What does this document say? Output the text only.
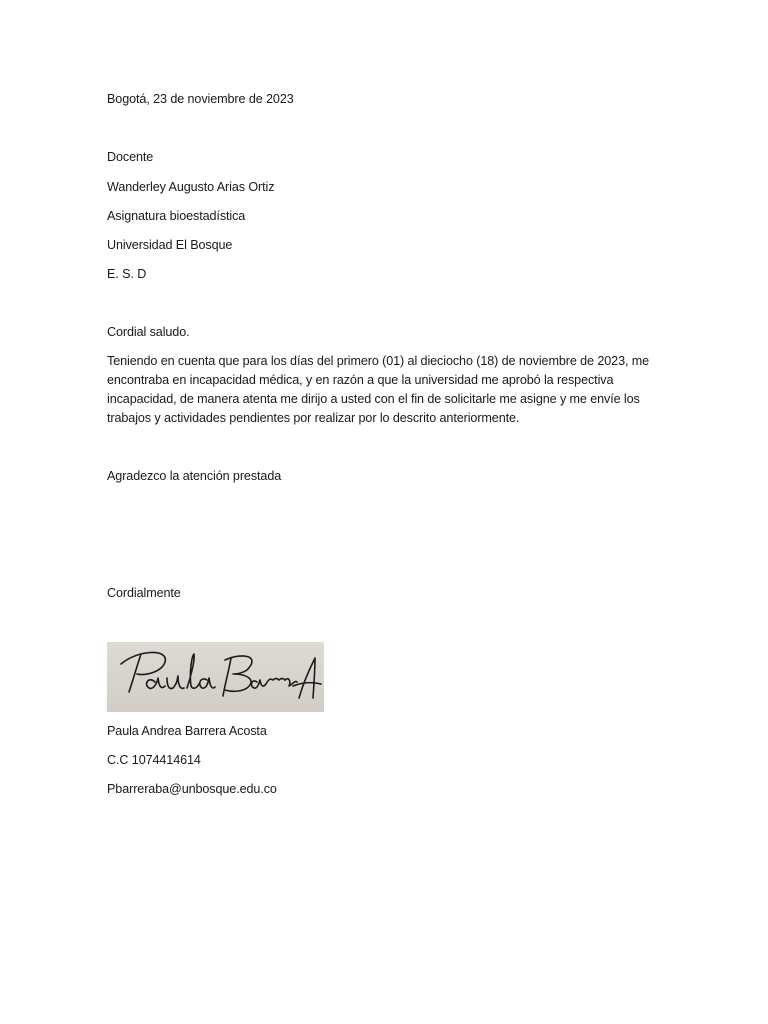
Bogotá, 23 de noviembre de 2023
Docente
Wanderley Augusto Arias Ortiz
Asignatura bioestadística
Universidad El Bosque
E. S. D
Cordial saludo.
Teniendo en cuenta que para los días del primero (01) al dieciocho (18) de noviembre de 2023, me encontraba en incapacidad médica, y en razón a que la universidad me aprobó la respectiva incapacidad, de manera atenta me dirijo a usted con el fin de solicitarle me asigne y me envíe los trabajos y actividades pendientes por realizar por lo descrito anteriormente.
Agradezco la atención prestada
Cordialmente
Paula Andrea Barrera Acosta
C.C 1074414614
Pbarreraba@unbosque.edu.co
